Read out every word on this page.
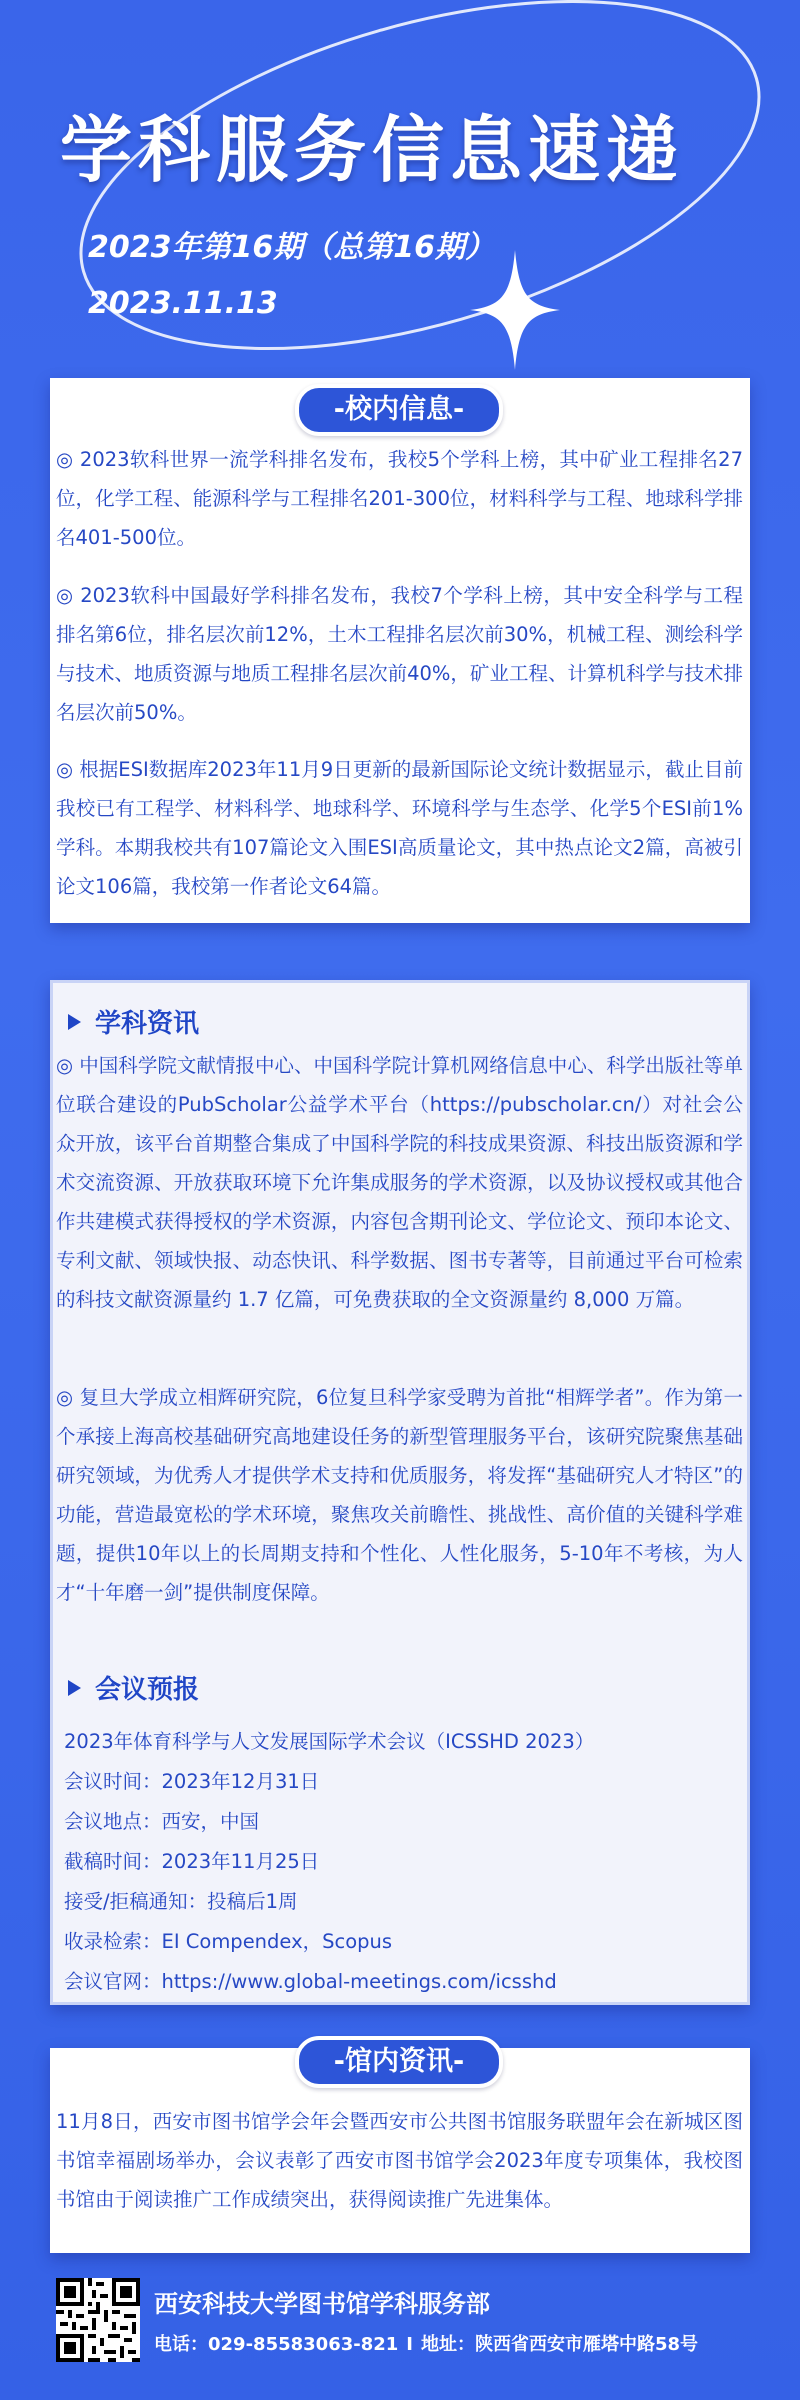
学科服务信息速递

2023年第16期（总第16期）

2023.11.13

-校内信息-

◎ 2023软科世界一流学科排名发布，我校5个学科上榜，其中矿业工程排名27位，化学工程、能源科学与工程排名201-300位，材料科学与工程、地球科学排名401-500位。

◎ 2023软科中国最好学科排名发布，我校7个学科上榜，其中安全科学与工程排名第6位，排名层次前12%，土木工程排名层次前30%，机械工程、测绘科学与技术、地质资源与地质工程排名层次前40%，矿业工程、计算机科学与技术排名层次前50%。

◎ 根据ESI数据库2023年11月9日更新的最新国际论文统计数据显示，截止目前我校已有工程学、材料科学、地球科学、环境科学与生态学、化学5个ESI前1%学科。本期我校共有107篇论文入围ESI高质量论文，其中热点论文2篇，高被引论文106篇，我校第一作者论文64篇。

学科资讯

◎ 中国科学院文献情报中心、中国科学院计算机网络信息中心、科学出版社等单位联合建设的PubScholar公益学术平台（https://pubscholar.cn/）对社会公众开放，该平台首期整合集成了中国科学院的科技成果资源、科技出版资源和学术交流资源、开放获取环境下允许集成服务的学术资源，以及协议授权或其他合作共建模式获得授权的学术资源，内容包含期刊论文、学位论文、预印本论文、专利文献、领域快报、动态快讯、科学数据、图书专著等，目前通过平台可检索的科技文献资源量约 1.7 亿篇，可免费获取的全文资源量约 8,000 万篇。

◎ 复旦大学成立相辉研究院，6位复旦科学家受聘为首批“相辉学者”。作为第一个承接上海高校基础研究高地建设任务的新型管理服务平台，该研究院聚焦基础研究领域，为优秀人才提供学术支持和优质服务，将发挥“基础研究人才特区”的功能，营造最宽松的学术环境，聚焦攻关前瞻性、挑战性、高价值的关键科学难题，提供10年以上的长周期支持和个性化、人性化服务，5-10年不考核，为人才“十年磨一剑”提供制度保障。

会议预报
2023年体育科学与人文发展国际学术会议（ICSSHD 2023）
会议时间：2023年12月31日
会议地点：西安，中国
截稿时间：2023年11月25日
接受/拒稿通知：投稿后1周
收录检索：EI Compendex，Scopus
会议官网：https://www.global-meetings.com/icsshd
-馆内资讯-

11月8日，西安市图书馆学会年会暨西安市公共图书馆服务联盟年会在新城区图书馆幸福剧场举办，会议表彰了西安市图书馆学会2023年度专项集体，我校图书馆由于阅读推广工作成绩突出，获得阅读推广先进集体。

西安科技大学图书馆学科服务部

电话：029-85583063-821 I 地址：陕西省西安市雁塔中路58号
